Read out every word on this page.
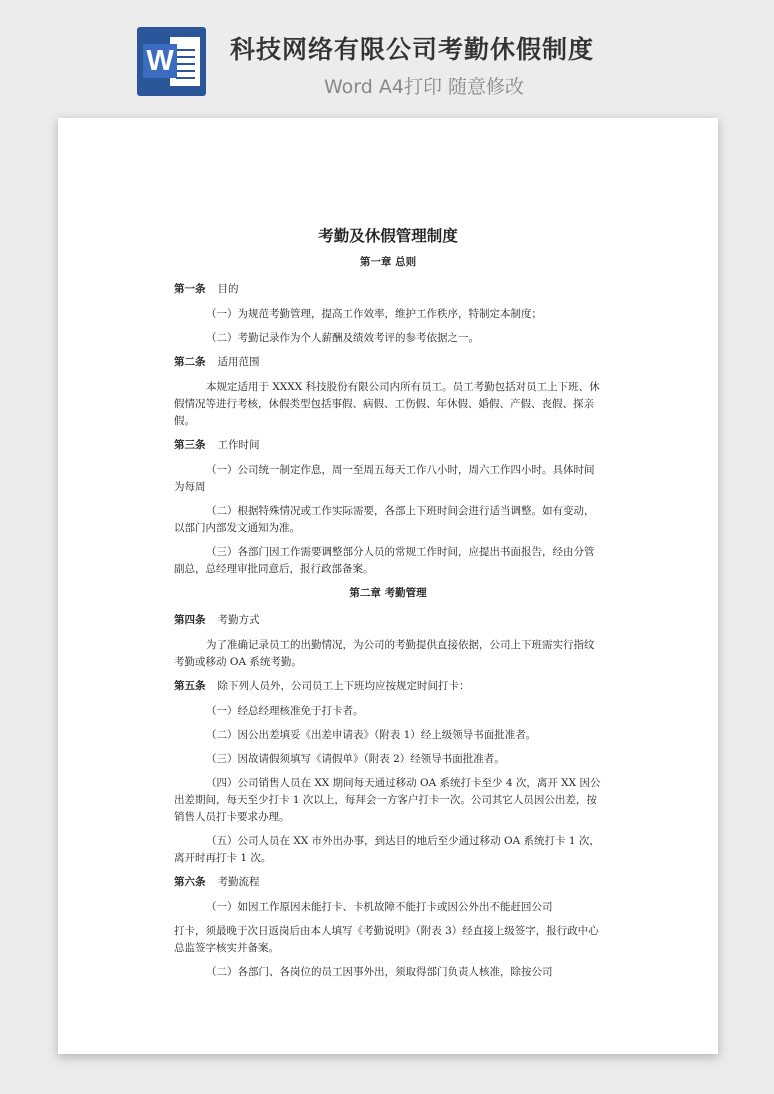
W 科技网络有限公司考勤休假制度
Word A4打印 随意修改

考勤及休假管理制度

第一章 总则

第一条 目的

（一）为规范考勤管理，提高工作效率，维护工作秩序，特制定本制度；

（二）考勤记录作为个人薪酬及绩效考评的参考依据之一。

第二条 适用范围

本规定适用于 XXXX 科技股份有限公司内所有员工。员工考勤包括对员工上下班、休假情况等进行考核，休假类型包括事假、病假、工伤假、年休假、婚假、产假、丧假、探亲假。

第三条 工作时间

（一）公司统一制定作息，周一至周五每天工作八小时，周六工作四小时。具体时间为每周

（二）根据特殊情况或工作实际需要，各部上下班时间会进行适当调整。如有变动，以部门内部发文通知为准。

（三）各部门因工作需要调整部分人员的常规工作时间，应提出书面报告，经由分管副总，总经理审批同意后，报行政部备案。

第二章 考勤管理

第四条 考勤方式

为了准确记录员工的出勤情况，为公司的考勤提供直接依据，公司上下班需实行指纹考勤或移动 OA 系统考勤。

第五条 除下列人员外，公司员工上下班均应按规定时间打卡：

（一）经总经理核准免于打卡者。

（二）因公出差填妥《出差申请表》（附表 1）经上级领导书面批准者。

（三）因故请假须填写《请假单》（附表 2）经领导书面批准者。

（四）公司销售人员在 XX 期间每天通过移动 OA 系统打卡至少 4 次，离开 XX 因公出差期间，每天至少打卡 1 次以上，每拜会一方客户打卡一次。公司其它人员因公出差，按销售人员打卡要求办理。

（五）公司人员在 XX 市外出办事，到达目的地后至少通过移动 OA 系统打卡 1 次，离开时再打卡 1 次。

第六条 考勤流程

（一）如因工作原因未能打卡、卡机故障不能打卡或因公外出不能赶回公司

打卡，须最晚于次日返岗后由本人填写《考勤说明》（附表 3）经直接上级签字，报行政中心总监签字核实并备案。

（二）各部门、各岗位的员工因事外出，须取得部门负责人核准，除按公司
